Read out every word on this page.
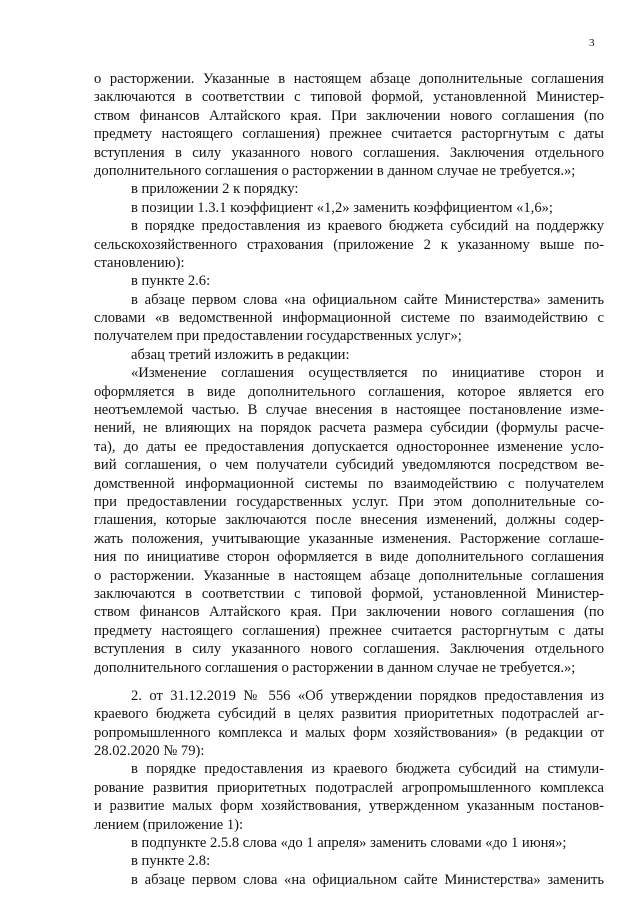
3
о расторжении. Указанные в настоящем абзаце дополнительные соглашения
заключаются в соответствии с типовой формой, установленной Министер-
ством финансов Алтайского края. При заключении нового соглашения (по
предмету настоящего соглашения) прежнее считается расторгнутым с даты
вступления в силу указанного нового соглашения. Заключения отдельного
дополнительного соглашения о расторжении в данном случае не требуется.»;
в приложении 2 к порядку:
в позиции 1.3.1 коэффициент «1,2» заменить коэффициентом «1,6»;
в порядке предоставления из краевого бюджета субсидий на поддержку
сельскохозяйственного страхования (приложение 2 к указанному выше по-
становлению):
в пункте 2.6:
в абзаце первом слова «на официальном сайте Министерства» заменить
словами «в ведомственной информационной системе по взаимодействию с
получателем при предоставлении государственных услуг»;
абзац третий изложить в редакции:
«Изменение соглашения осуществляется по инициативе сторон и
оформляется в виде дополнительного соглашения, которое является его
неотъемлемой частью. В случае внесения в настоящее постановление изме-
нений, не влияющих на порядок расчета размера субсидии (формулы расче-
та), до даты ее предоставления допускается одностороннее изменение усло-
вий соглашения, о чем получатели субсидий уведомляются посредством ве-
домственной информационной системы по взаимодействию с получателем
при предоставлении государственных услуг. При этом дополнительные со-
глашения, которые заключаются после внесения изменений, должны содер-
жать положения, учитывающие указанные изменения. Расторжение соглаше-
ния по инициативе сторон оформляется в виде дополнительного соглашения
о расторжении. Указанные в настоящем абзаце дополнительные соглашения
заключаются в соответствии с типовой формой, установленной Министер-
ством финансов Алтайского края. При заключении нового соглашения (по
предмету настоящего соглашения) прежнее считается расторгнутым с даты
вступления в силу указанного нового соглашения. Заключения отдельного
дополнительного соглашения о расторжении в данном случае не требуется.»;
2. от 31.12.2019 № 556 «Об утверждении порядков предоставления из
краевого бюджета субсидий в целях развития приоритетных подотраслей аг-
ропромышленного комплекса и малых форм хозяйствования» (в редакции от
28.02.2020 № 79):
в порядке предоставления из краевого бюджета субсидий на стимули-
рование развития приоритетных подотраслей агропромышленного комплекса
и развитие малых форм хозяйствования, утвержденном указанным постанов-
лением (приложение 1):
в подпункте 2.5.8 слова «до 1 апреля» заменить словами «до 1 июня»;
в пункте 2.8:
в абзаце первом слова «на официальном сайте Министерства» заменить
